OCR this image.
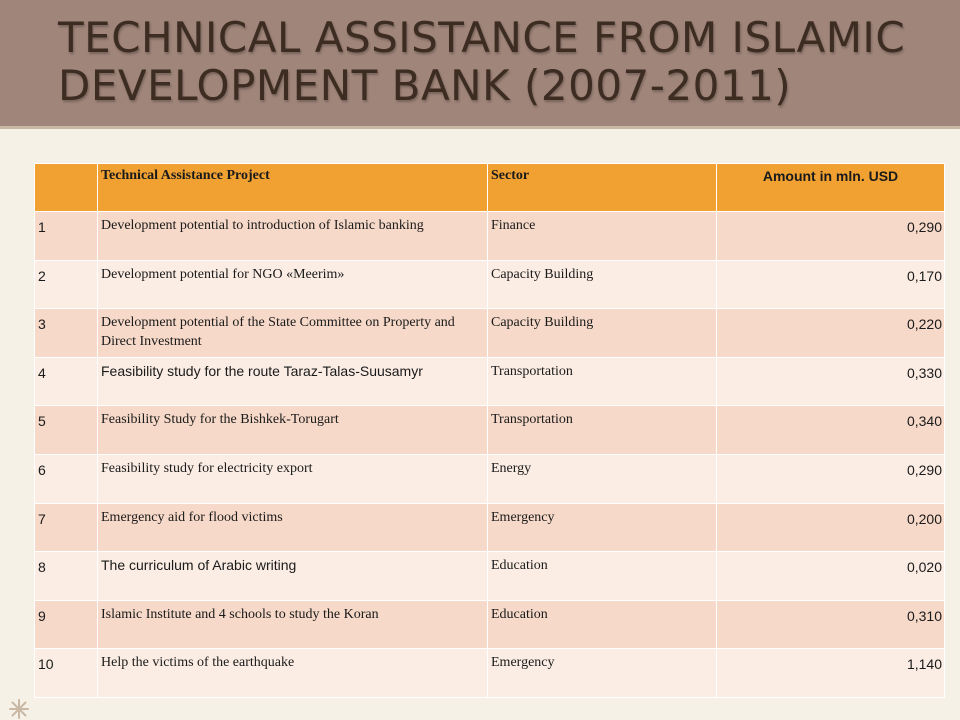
TECHNICAL ASSISTANCE FROM ISLAMIC DEVELOPMENT BANK (2007-2011)
	Technical Assistance Project	Sector	Amount in mln. USD
1	Development potential to introduction of Islamic banking	Finance	0,290
2	Development potential for NGO «Meerim»	Capacity Building	0,170
3	Development potential of the State Committee on Property and Direct Investment	Capacity Building	0,220
4	Feasibility study for the route Taraz-Talas-Suusamyr	Transportation	0,330
5	Feasibility Study for the Bishkek-Torugart	Transportation	0,340
6	Feasibility study for electricity export	Energy	0,290
7	Emergency aid for flood victims	Emergency	0,200
8	The curriculum of Arabic writing	Education	0,020
9	Islamic Institute and 4 schools to study the Koran	Education	0,310
10	Help the victims of the earthquake	Emergency	1,140
